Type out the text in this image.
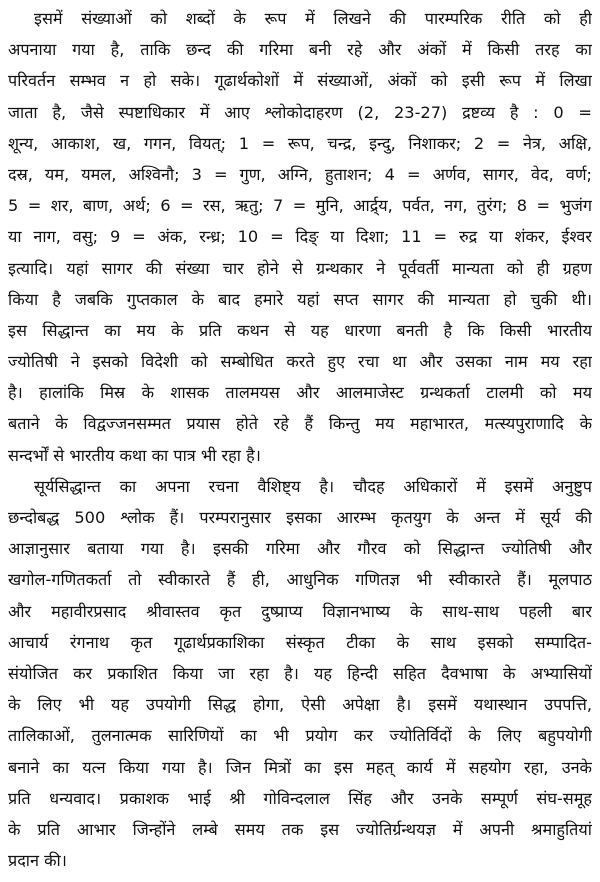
इसमें संख्याओं को शब्दों के रूप में लिखने की पारम्परिक रीति को ही
अपनाया गया है, ताकि छन्द की गरिमा बनी रहे और अंकों में किसी तरह का
परिवर्तन सम्भव न हो सके। गूढार्थकोशों में संख्याओं, अंकों को इसी रूप में लिखा
जाता है, जैसे स्पष्टाधिकार में आए श्लोकोदाहरण (2, 23-27) द्रष्टव्य है : 0 =
शून्य, आकाश, ख, गगन, वियत्; 1 = रूप, चन्द्र, इन्दु, निशाकर; 2 = नेत्र, अक्षि,
दस्र, यम, यमल, अश्विनौ; 3 = गुण, अग्नि, हुताशन; 4 = अर्णव, सागर, वेद, वर्ण;
5 = शर, बाण, अर्थ; 6 = रस, ऋतु; 7 = मुनि, आर्द्र्य, पर्वत, नग, तुरंग; 8 = भुजंग
या नाग, वसु; 9 = अंक, रन्ध्र; 10 = दिङ् या दिशा; 11 = रुद्र या शंकर, ईश्वर
इत्यादि। यहां सागर की संख्या चार होने से ग्रन्थकार ने पूर्ववर्ती मान्यता को ही ग्रहण
किया है जबकि गुप्तकाल के बाद हमारे यहां सप्त सागर की मान्यता हो चुकी थी।
इस सिद्धान्त का मय के प्रति कथन से यह धारणा बनती है कि किसी भारतीय
ज्योतिषी ने इसको विदेशी को सम्बोधित करते हुए रचा था और उसका नाम मय रहा
है। हालांकि मिस्र के शासक तालमयस और आलमाजेस्ट ग्रन्थकर्ता टालमी को मय
बताने के विद्वज्जनसम्मत प्रयास होते रहे हैं किन्तु मय महाभारत, मत्स्यपुराणादि के
सन्दर्भों से भारतीय कथा का पात्र भी रहा है।
सूर्यसिद्धान्त का अपना रचना वैशिष्ट्य है। चौदह अधिकारों में इसमें अनुष्टुप
छन्दोबद्ध 500 श्लोक हैं। परम्परानुसार इसका आरम्भ कृतयुग के अन्त में सूर्य की
आज्ञानुसार बताया गया है। इसकी गरिमा और गौरव को सिद्धान्त ज्योतिषी और
खगोल-गणितकर्ता तो स्वीकारते हैं ही, आधुनिक गणितज्ञ भी स्वीकारते हैं। मूलपाठ
और महावीरप्रसाद श्रीवास्तव कृत दुष्प्राप्य विज्ञानभाष्य के साथ-साथ पहली बार
आचार्य रंगनाथ कृत गूढार्थप्रकाशिका संस्कृत टीका के साथ इसको सम्पादित-
संयोजित कर प्रकाशित किया जा रहा है। यह हिन्दी सहित दैवभाषा के अभ्यासियों
के लिए भी यह उपयोगी सिद्ध होगा, ऐसी अपेक्षा है। इसमें यथास्थान उपपत्ति,
तालिकाओं, तुलनात्मक सारिणियों का भी प्रयोग कर ज्योतिर्विदों के लिए बहुपयोगी
बनाने का यत्न किया गया है। जिन मित्रों का इस महत् कार्य में सहयोग रहा, उनके
प्रति धन्यवाद। प्रकाशक भाई श्री गोविन्दलाल सिंह और उनके सम्पूर्ण संघ-समूह
के प्रति आभार जिन्होंने लम्बे समय तक इस ज्योतिर्ग्रन्थयज्ञ में अपनी श्रमाहुतियां
प्रदान की।
